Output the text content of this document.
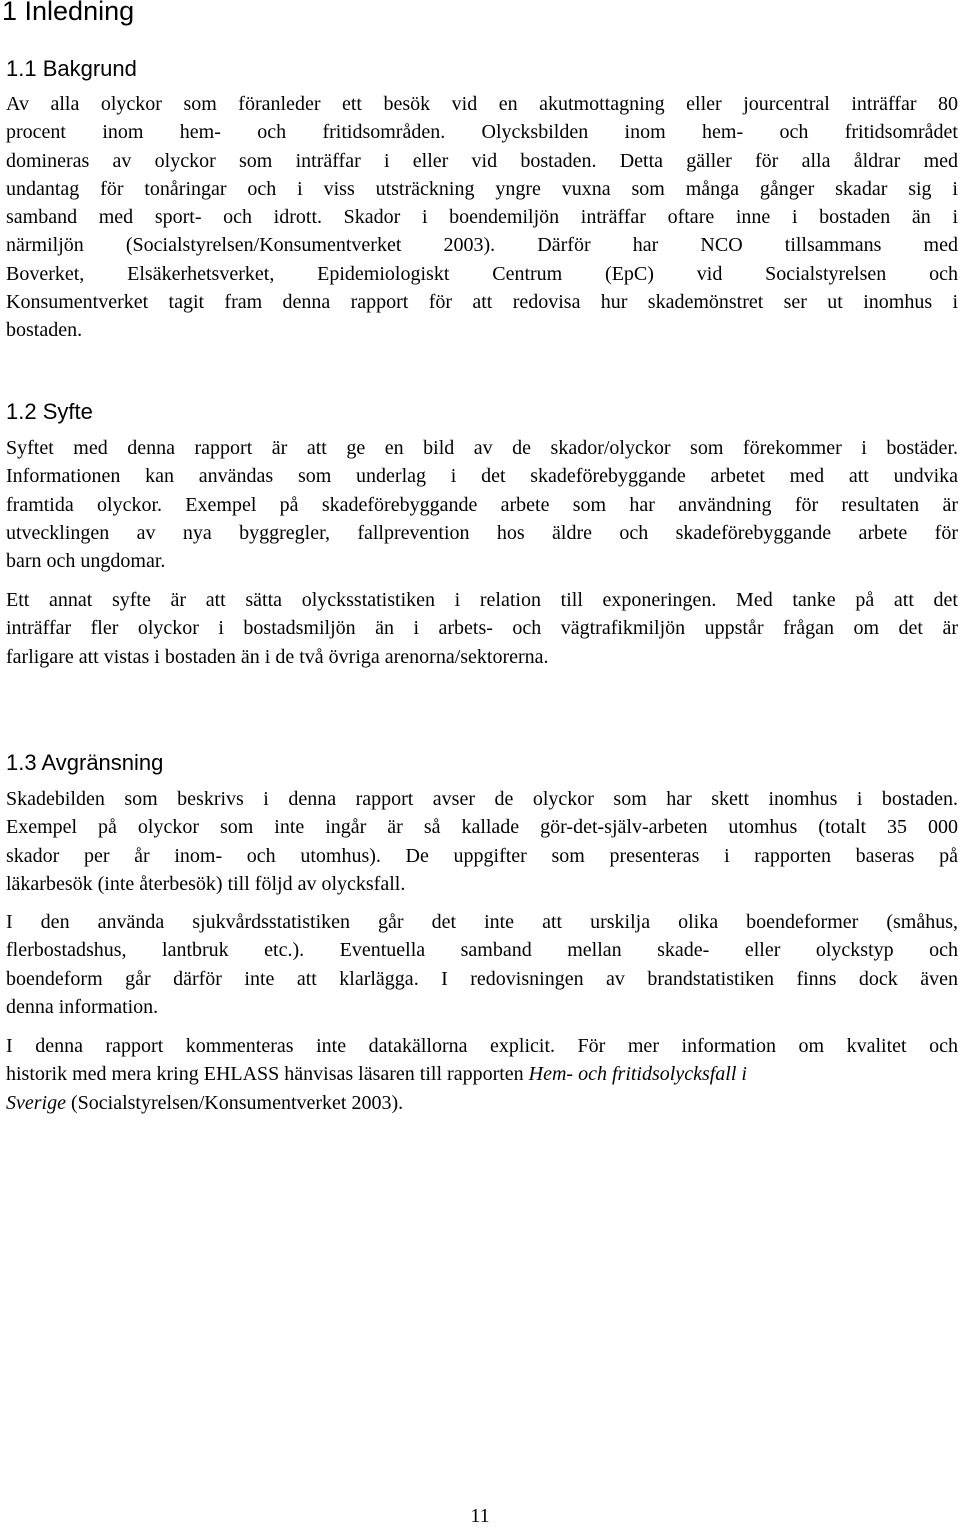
1 Inledning
1.1 Bakgrund

Av alla olyckor som föranleder ett besök vid en akutmottagning eller jourcentral inträffar 80
procent inom hem- och fritidsområden. Olycksbilden inom hem- och fritidsområdet
domineras av olyckor som inträffar i eller vid bostaden. Detta gäller för alla åldrar med
undantag för tonåringar och i viss utsträckning yngre vuxna som många gånger skadar sig i
samband med sport- och idrott. Skador i boendemiljön inträffar oftare inne i bostaden än i
närmiljön (Socialstyrelsen/Konsumentverket 2003). Därför har NCO tillsammans med
Boverket, Elsäkerhetsverket, Epidemiologiskt Centrum (EpC) vid Socialstyrelsen och
Konsumentverket tagit fram denna rapport för att redovisa hur skademönstret ser ut inomhus i
bostaden.

1.2 Syfte

Syftet med denna rapport är att ge en bild av de skador/olyckor som förekommer i bostäder.
Informationen kan användas som underlag i det skadeförebyggande arbetet med att undvika
framtida olyckor. Exempel på skadeförebyggande arbete som har användning för resultaten är
utvecklingen av nya byggregler, fallprevention hos äldre och skadeförebyggande arbete för
barn och ungdomar.

Ett annat syfte är att sätta olycksstatistiken i relation till exponeringen. Med tanke på att det
inträffar fler olyckor i bostadsmiljön än i arbets- och vägtrafikmiljön uppstår frågan om det är
farligare att vistas i bostaden än i de två övriga arenorna/sektorerna.

1.3 Avgränsning

Skadebilden som beskrivs i denna rapport avser de olyckor som har skett inomhus i bostaden.
Exempel på olyckor som inte ingår är så kallade gör-det-själv-arbeten utomhus (totalt 35 000
skador per år inom- och utomhus). De uppgifter som presenteras i rapporten baseras på
läkarbesök (inte återbesök) till följd av olycksfall.

I den använda sjukvårdsstatistiken går det inte att urskilja olika boendeformer (småhus,
flerbostadshus, lantbruk etc.). Eventuella samband mellan skade- eller olyckstyp och
boendeform går därför inte att klarlägga. I redovisningen av brandstatistiken finns dock även
denna information.

I denna rapport kommenteras inte datakällorna explicit. För mer information om kvalitet och
historik med mera kring EHLASS hänvisas läsaren till rapporten Hem- och fritidsolycksfall i
Sverige (Socialstyrelsen/Konsumentverket 2003).

11
